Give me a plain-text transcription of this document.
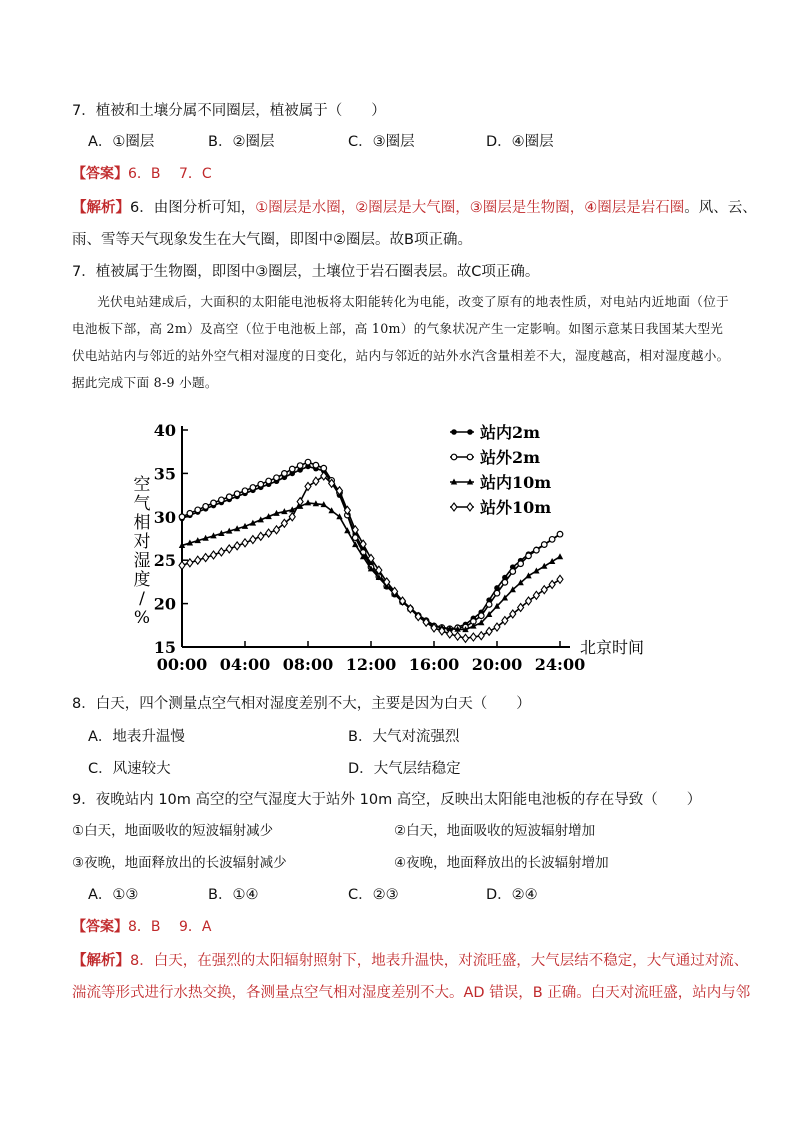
7．植被和土壤分属不同圈层，植被属于（　　）
A．①圈层	B．②圈层	C．③圈层	D．④圈层
【答案】6．B　 7．C
【解析】6．由图分析可知，①圈层是水圈，②圈层是大气圈，③圈层是生物圈，④圈层是岩石圈。风、云、
雨、雪等天气现象发生在大气圈，即图中②圈层。故B项正确。
7．植被属于生物圈，即图中③圈层，土壤位于岩石圈表层。故C项正确。
光伏电站建成后，大面积的太阳能电池板将太阳能转化为电能，改变了原有的地表性质，对电站内近地面（位于电池板下部，高 2m）及高空（位于电池板上部，高 10m）的气象状况产生一定影响。如图示意某日我国某大型光伏电站站内与邻近的站外空气相对湿度的日变化，站内与邻近的站外水汽含量相差不大，湿度越高，相对湿度越小。据此完成下面 8-9 小题。
15
20
25
30
35
40
00:00 04:00 08:00 12:00 16:00 20:00 24:00
北京时间
空
气
相
对
湿
度
/
%
站内2m
站外2m
站内10m
站外10m
8．白天，四个测量点空气相对湿度差别不大，主要是因为白天（　　）
A．地表升温慢	B．大气对流强烈
C．风速较大	D．大气层结稳定
9．夜晚站内 10m 高空的空气湿度大于站外 10m 高空，反映出太阳能电池板的存在导致（　　）
①白天，地面吸收的短波辐射减少	②白天，地面吸收的短波辐射增加
③夜晚，地面释放出的长波辐射减少	④夜晚，地面释放出的长波辐射增加
A．①③	B．①④	C．②③	D．②④
【答案】8．B　 9．A
【解析】8．白天，在强烈的太阳辐射照射下，地表升温快，对流旺盛，大气层结不稳定，大气通过对流、
湍流等形式进行水热交换，各测量点空气相对湿度差别不大。AD 错误，B 正确。白天对流旺盛，站内与邻
